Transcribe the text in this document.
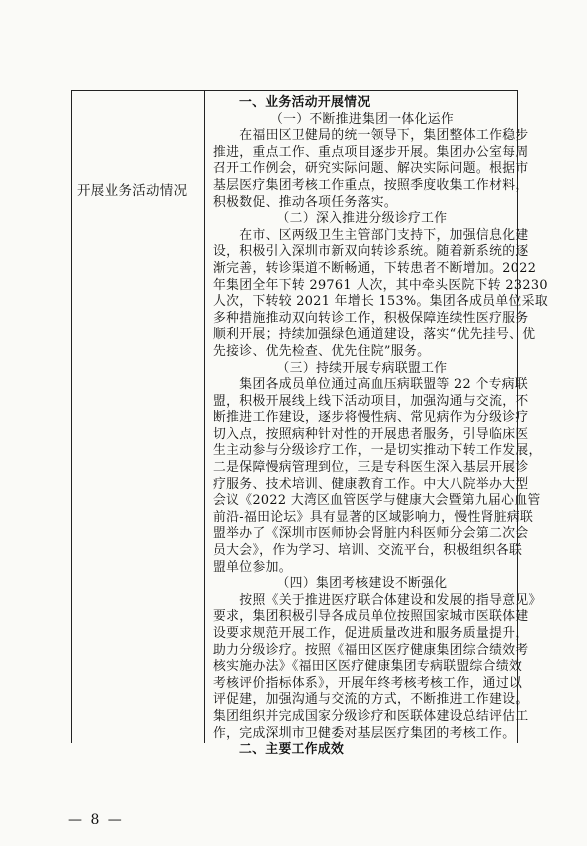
开展业务活动情况
一、业务活动开展情况
（一）不断推进集团一体化运作
　　在福田区卫健局的统一领导下，集团整体工作稳步
推进，重点工作、重点项目逐步开展。集团办公室每周
召开工作例会，研究实际问题、解决实际问题。根据市
基层医疗集团考核工作重点，按照季度收集工作材料，
积极数促、推动各项任务落实。
（二）深入推进分级诊疗工作
　　在市、区两级卫生主管部门支持下，加强信息化建
设，积极引入深圳市新双向转诊系统。随着新系统的逐
渐完善，转诊渠道不断畅通，下转患者不断增加。2022
年集团全年下转 29761 人次，其中牵头医院下转 23230
人次，下转较 2021 年增长 153%。集团各成员单位采取
多种措施推动双向转诊工作，积极保障连续性医疗服务
顺利开展；持续加强绿色通道建设，落实“优先挂号、优
先接诊、优先检查、优先住院”服务。
（三）持续开展专病联盟工作
　　集团各成员单位通过高血压病联盟等 22 个专病联
盟，积极开展线上线下活动项目，加强沟通与交流，不
断推进工作建设，逐步将慢性病、常见病作为分级诊疗
切入点，按照病种针对性的开展患者服务，引导临床医
生主动参与分级诊疗工作，一是切实推动下转工作发展，
二是保障慢病管理到位，三是专科医生深入基层开展诊
疗服务、技术培训、健康教育工作。中大八院举办大型
会议《2022 大湾区血管医学与健康大会暨第九届心血管
前沿-福田论坛》具有显著的区域影响力，慢性肾脏病联
盟举办了《深圳市医师协会肾脏内科医师分会第二次会
员大会》，作为学习、培训、交流平台，积极组织各联
盟单位参加。
（四）集团考核建设不断强化
　　按照《关于推进医疗联合体建设和发展的指导意见》
要求，集团积极引导各成员单位按照国家城市医联体建
设要求规范开展工作，促进质量改进和服务质量提升，
助力分级诊疗。按照《福田区医疗健康集团综合绩效考
核实施办法》《福田区医疗健康集团专病联盟综合绩效
考核评价指标体系》，开展年终考核考核工作，通过以
评促建，加强沟通与交流的方式，不断推进工作建设。
集团组织并完成国家分级诊疗和医联体建设总结评估工
作，完成深圳市卫健委对基层医疗集团的考核工作。
二、主要工作成效
— 8 —
